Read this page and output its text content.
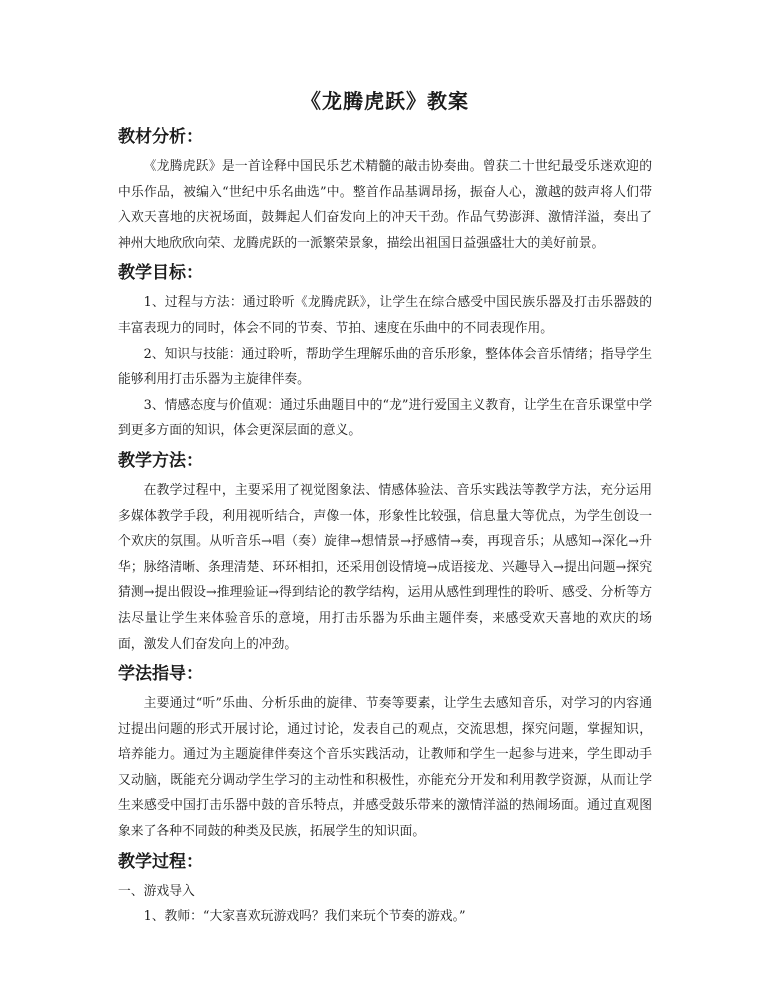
《龙腾虎跃》教案
教材分析：

《龙腾虎跃》是一首诠释中国民乐艺术精髓的敲击协奏曲。曾获二十世纪最受乐迷欢迎的中乐作品，被编入“世纪中乐名曲选”中。整首作品基调昂扬，振奋人心，激越的鼓声将人们带入欢天喜地的庆祝场面，鼓舞起人们奋发向上的冲天干劲。作品气势澎湃、激情洋溢，奏出了神州大地欣欣向荣、龙腾虎跃的一派繁荣景象，描绘出祖国日益强盛壮大的美好前景。

教学目标：

1、过程与方法：通过聆听《龙腾虎跃》，让学生在综合感受中国民族乐器及打击乐器鼓的丰富表现力的同时，体会不同的节奏、节拍、速度在乐曲中的不同表现作用。

2、知识与技能：通过聆听，帮助学生理解乐曲的音乐形象，整体体会音乐情绪；指导学生能够利用打击乐器为主旋律伴奏。

3、情感态度与价值观：通过乐曲题目中的“龙”进行爱国主义教育，让学生在音乐课堂中学到更多方面的知识，体会更深层面的意义。

教学方法：

在教学过程中，主要采用了视觉图象法、情感体验法、音乐实践法等教学方法，充分运用多媒体教学手段，利用视听结合，声像一体，形象性比较强，信息量大等优点，为学生创设一个欢庆的氛围。从听音乐→唱（奏）旋律→想情景→抒感情→奏，再现音乐；从感知→深化→升华；脉络清晰、条理清楚、环环相扣，还采用创设情境→成语接龙、兴趣导入→提出问题→探究猜测→提出假设→推理验证→得到结论的教学结构，运用从感性到理性的聆听、感受、分析等方法尽量让学生来体验音乐的意境，用打击乐器为乐曲主题伴奏，来感受欢天喜地的欢庆的场面，激发人们奋发向上的冲劲。

学法指导：

主要通过“听”乐曲、分析乐曲的旋律、节奏等要素，让学生去感知音乐，对学习的内容通过提出问题的形式开展讨论，通过讨论，发表自己的观点，交流思想，探究问题，掌握知识，培养能力。通过为主题旋律伴奏这个音乐实践活动，让教师和学生一起参与进来，学生即动手又动脑，既能充分调动学生学习的主动性和积极性，亦能充分开发和利用教学资源，从而让学生来感受中国打击乐器中鼓的音乐特点，并感受鼓乐带来的激情洋溢的热闹场面。通过直观图象来了各种不同鼓的种类及民族，拓展学生的知识面。

教学过程：

一、游戏导入

1、教师：“大家喜欢玩游戏吗？我们来玩个节奏的游戏。”
